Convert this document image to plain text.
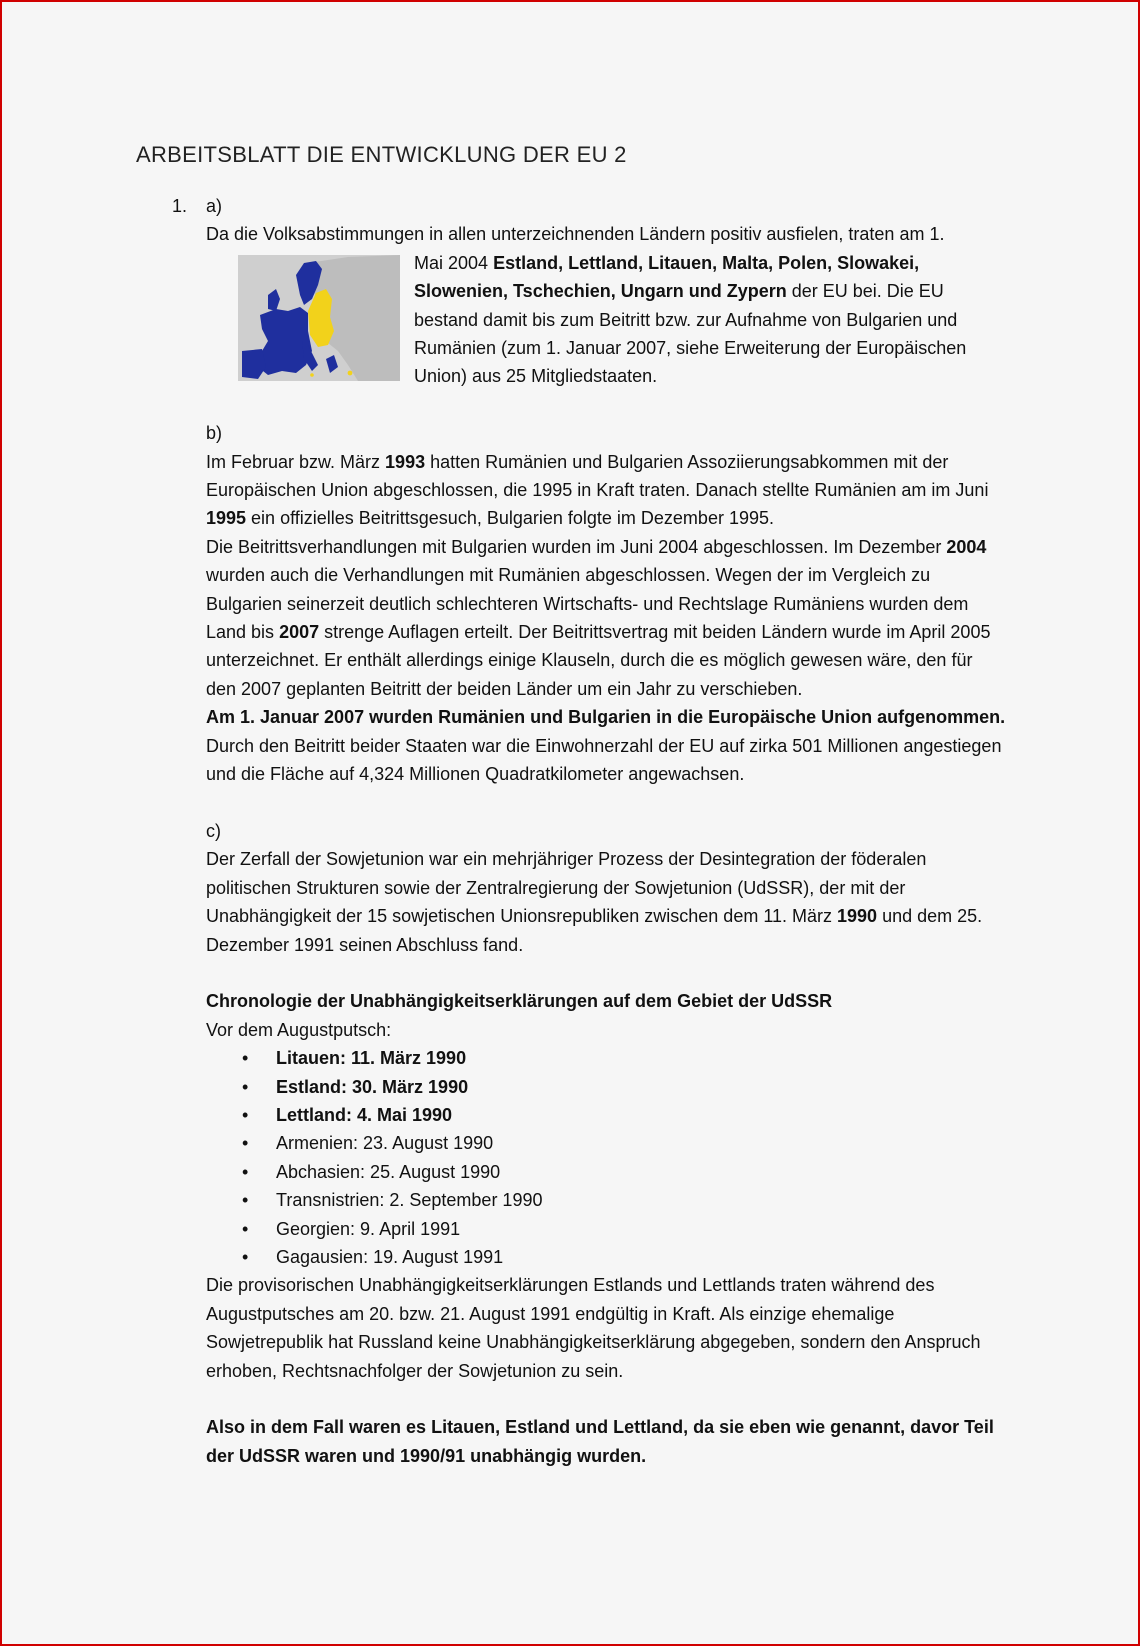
ARBEITSBLATT DIE ENTWICKLUNG DER EU 2
1. a)

Da die Volksabstimmungen in allen unterzeichnenden Ländern positiv ausfielen, traten am 1.

Mai 2004 Estland, Lettland, Litauen, Malta, Polen, Slowakei, Slowenien, Tschechien, Ungarn und Zypern der EU bei. Die EU bestand damit bis zum Beitritt bzw. zur Aufnahme von Bulgarien und Rumänien (zum 1. Januar 2007, siehe Erweiterung der Europäischen Union) aus 25 Mitgliedstaaten.

b)

Im Februar bzw. März 1993 hatten Rumänien und Bulgarien Assoziierungsabkommen mit der Europäischen Union abgeschlossen, die 1995 in Kraft traten. Danach stellte Rumänien am im Juni 1995 ein offizielles Beitrittsgesuch, Bulgarien folgte im Dezember 1995.

Die Beitrittsverhandlungen mit Bulgarien wurden im Juni 2004 abgeschlossen. Im Dezember 2004 wurden auch die Verhandlungen mit Rumänien abgeschlossen. Wegen der im Vergleich zu Bulgarien seinerzeit deutlich schlechteren Wirtschafts- und Rechtslage Rumäniens wurden dem Land bis 2007 strenge Auflagen erteilt. Der Beitrittsvertrag mit beiden Ländern wurde im April 2005 unterzeichnet. Er enthält allerdings einige Klauseln, durch die es möglich gewesen wäre, den für den 2007 geplanten Beitritt der beiden Länder um ein Jahr zu verschieben.

Am 1. Januar 2007 wurden Rumänien und Bulgarien in die Europäische Union aufgenommen. Durch den Beitritt beider Staaten war die Einwohnerzahl der EU auf zirka 501 Millionen angestiegen und die Fläche auf 4,324 Millionen Quadratkilometer angewachsen.

c)

Der Zerfall der Sowjetunion war ein mehrjähriger Prozess der Desintegration der föderalen politischen Strukturen sowie der Zentralregierung der Sowjetunion (UdSSR), der mit der Unabhängigkeit der 15 sowjetischen Unionsrepubliken zwischen dem 11. März 1990 und dem 25. Dezember 1991 seinen Abschluss fand.

Chronologie der Unabhängigkeitserklärungen auf dem Gebiet der UdSSR

Vor dem Augustputsch:

• Litauen: 11. März 1990
• Estland: 30. März 1990
• Lettland: 4. Mai 1990
• Armenien: 23. August 1990
• Abchasien: 25. August 1990
• Transnistrien: 2. September 1990
• Georgien: 9. April 1991
• Gagausien: 19. August 1991

Die provisorischen Unabhängigkeitserklärungen Estlands und Lettlands traten während des Augustputsches am 20. bzw. 21. August 1991 endgültig in Kraft. Als einzige ehemalige Sowjetrepublik hat Russland keine Unabhängigkeitserklärung abgegeben, sondern den Anspruch erhoben, Rechtsnachfolger der Sowjetunion zu sein.

Also in dem Fall waren es Litauen, Estland und Lettland, da sie eben wie genannt, davor Teil der UdSSR waren und 1990/91 unabhängig wurden.
